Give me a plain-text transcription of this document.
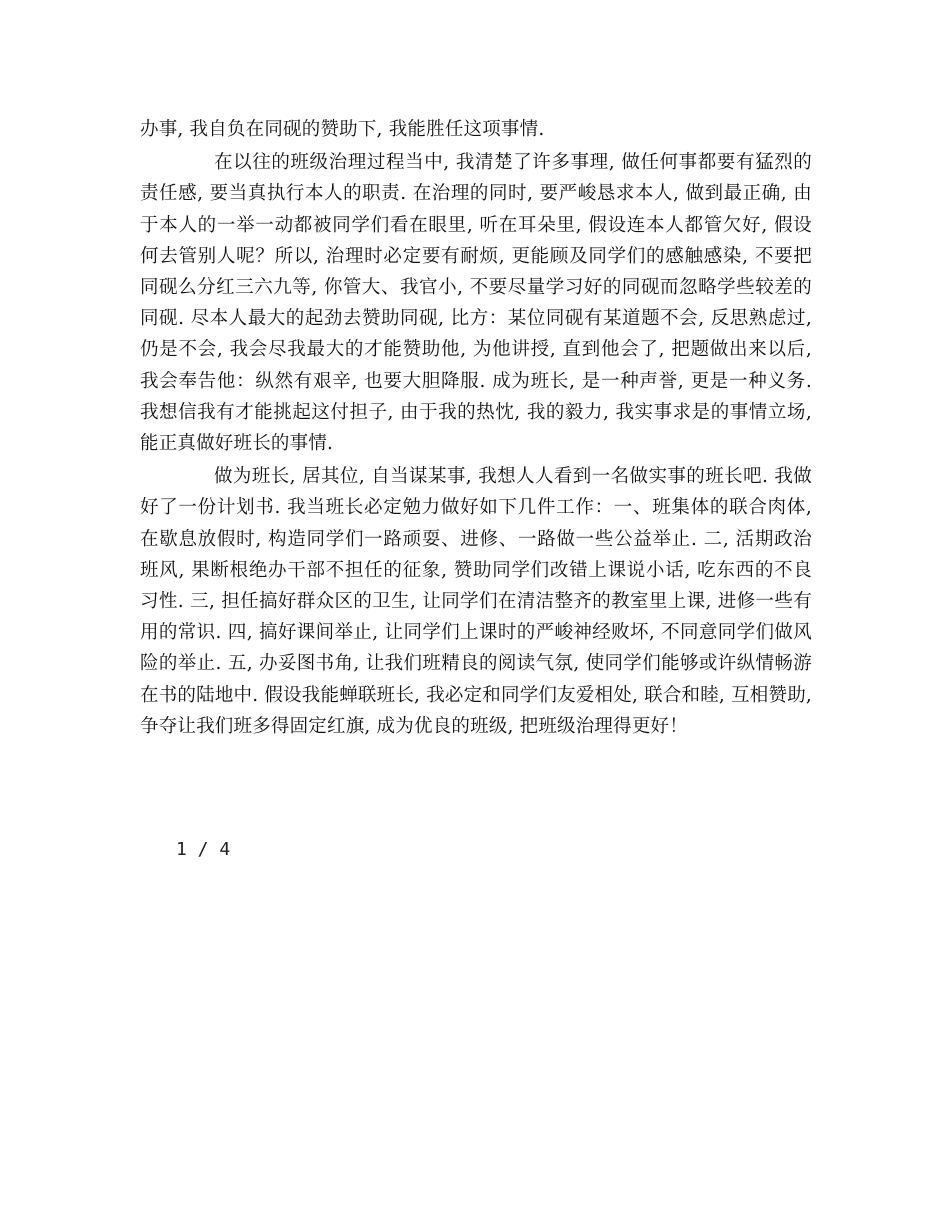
办事, 我自负在同砚的赞助下, 我能胜任这项事情.

在以往的班级治理过程当中, 我清楚了许多事理, 做任何事都要有猛烈的责任感, 要当真执行本人的职责. 在治理的同时, 要严峻恳求本人, 做到最正确, 由于本人的一举一动都被同学们看在眼里, 听在耳朵里, 假设连本人都管欠好, 假设何去管别人呢？所以, 治理时必定要有耐烦, 更能顾及同学们的感触感染, 不要把同砚么分红三六九等, 你管大、我官小, 不要尽量学习好的同砚而忽略学些较差的同砚. 尽本人最大的起劲去赞助同砚, 比方：某位同砚有某道题不会, 反思熟虑过, 仍是不会, 我会尽我最大的才能赞助他, 为他讲授, 直到他会了, 把题做出来以后, 我会奉告他：纵然有艰辛, 也要大胆降服. 成为班长, 是一种声誉, 更是一种义务. 我想信我有才能挑起这付担子, 由于我的热忱, 我的毅力, 我实事求是的事情立场, 能正真做好班长的事情.

做为班长, 居其位, 自当谋某事, 我想人人看到一名做实事的班长吧. 我做好了一份计划书. 我当班长必定勉力做好如下几件工作：一、班集体的联合肉体, 在歇息放假时, 构造同学们一路顽耍、进修、一路做一些公益举止. 二, 活期政治班风, 果断根绝办干部不担任的征象, 赞助同学们改错上课说小话, 吃东西的不良习性. 三, 担任搞好群众区的卫生, 让同学们在清洁整齐的教室里上课, 进修一些有用的常识. 四, 搞好课间举止, 让同学们上课时的严峻神经败坏, 不同意同学们做风险的举止. 五, 办妥图书角, 让我们班精良的阅读气氛, 使同学们能够或许纵情畅游在书的陆地中. 假设我能蝉联班长, 我必定和同学们友爱相处, 联合和睦, 互相赞助, 争夺让我们班多得固定红旗, 成为优良的班级, 把班级治理得更好！

1 / 4
